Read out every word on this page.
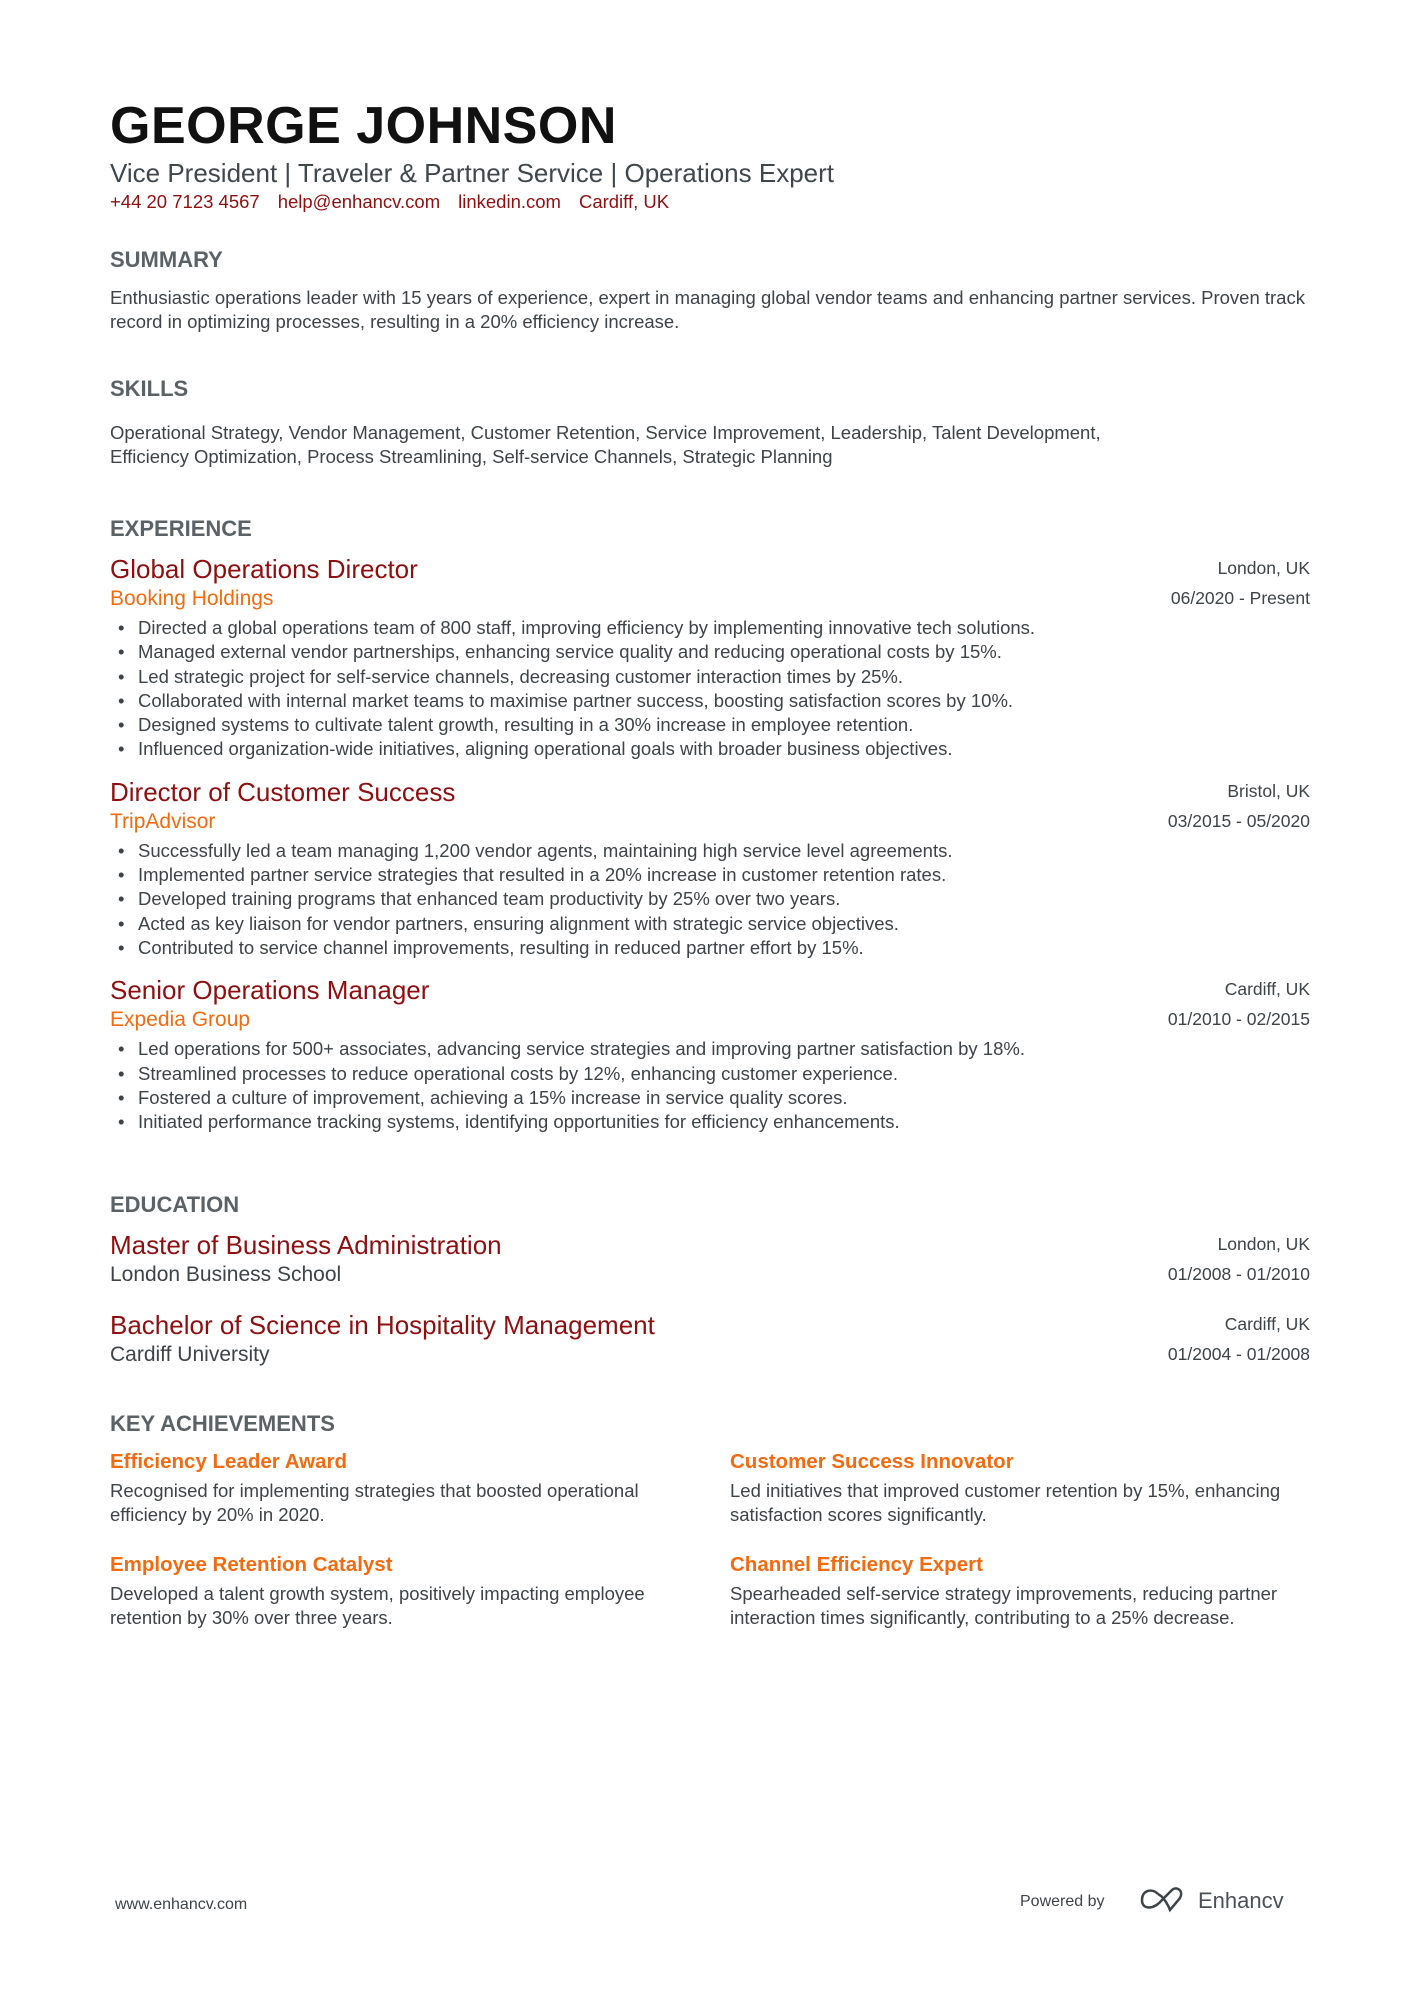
GEORGE JOHNSON
Vice President | Traveler & Partner Service | Operations Expert
+44 20 7123 4567 help@enhancv.com linkedin.com Cardiff, UK
SUMMARY
Enthusiastic operations leader with 15 years of experience, expert in managing global vendor teams and enhancing partner services. Proven track record in optimizing processes, resulting in a 20% efficiency increase.
SKILLS
Operational Strategy, Vendor Management, Customer Retention, Service Improvement, Leadership, Talent Development,
Efficiency Optimization, Process Streamlining, Self-service Channels, Strategic Planning
EXPERIENCE
Global Operations Director
Booking Holdings
London, UK
06/2020 - Present
• Directed a global operations team of 800 staff, improving efficiency by implementing innovative tech solutions.
• Managed external vendor partnerships, enhancing service quality and reducing operational costs by 15%.
• Led strategic project for self-service channels, decreasing customer interaction times by 25%.
• Collaborated with internal market teams to maximise partner success, boosting satisfaction scores by 10%.
• Designed systems to cultivate talent growth, resulting in a 30% increase in employee retention.
• Influenced organization-wide initiatives, aligning operational goals with broader business objectives.
Director of Customer Success
TripAdvisor
Bristol, UK
03/2015 - 05/2020
• Successfully led a team managing 1,200 vendor agents, maintaining high service level agreements.
• Implemented partner service strategies that resulted in a 20% increase in customer retention rates.
• Developed training programs that enhanced team productivity by 25% over two years.
• Acted as key liaison for vendor partners, ensuring alignment with strategic service objectives.
• Contributed to service channel improvements, resulting in reduced partner effort by 15%.
Senior Operations Manager
Expedia Group
Cardiff, UK
01/2010 - 02/2015
• Led operations for 500+ associates, advancing service strategies and improving partner satisfaction by 18%.
• Streamlined processes to reduce operational costs by 12%, enhancing customer experience.
• Fostered a culture of improvement, achieving a 15% increase in service quality scores.
• Initiated performance tracking systems, identifying opportunities for efficiency enhancements.
EDUCATION
Master of Business Administration
London Business School
London, UK
01/2008 - 01/2010
Bachelor of Science in Hospitality Management
Cardiff University
Cardiff, UK
01/2004 - 01/2008
KEY ACHIEVEMENTS
Efficiency Leader Award
Recognised for implementing strategies that boosted operational efficiency by 20% in 2020.
Customer Success Innovator
Led initiatives that improved customer retention by 15%, enhancing satisfaction scores significantly.
Employee Retention Catalyst
Developed a talent growth system, positively impacting employee retention by 30% over three years.
Channel Efficiency Expert
Spearheaded self-service strategy improvements, reducing partner interaction times significantly, contributing to a 25% decrease.
www.enhancv.com	Powered by	Enhancv
